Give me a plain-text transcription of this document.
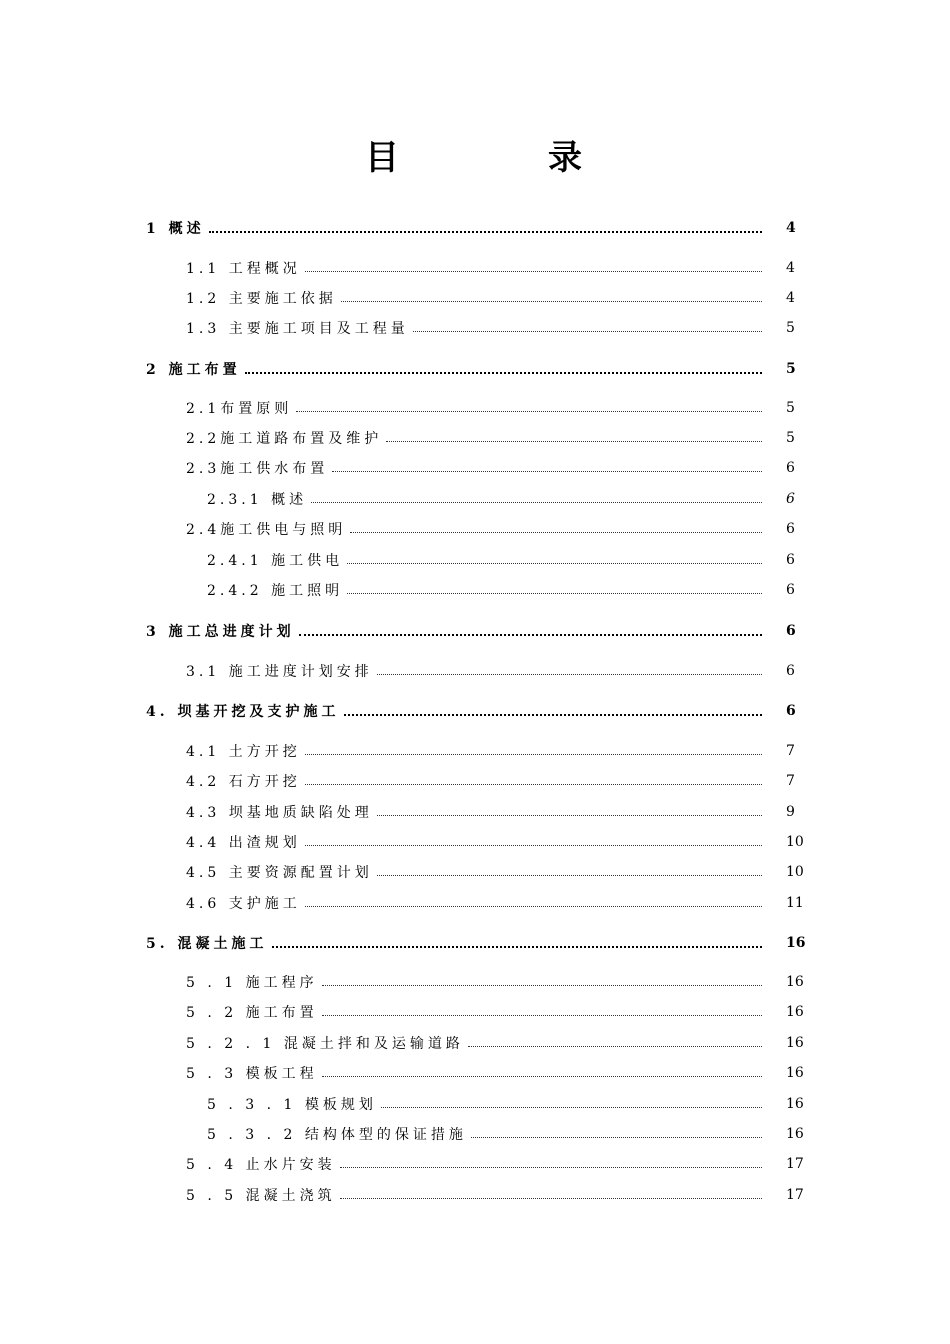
目	录
1 概述	4
1.1 工程概况	4
1.2 主要施工依据	4
1.3 主要施工项目及工程量	5
2 施工布置	5
2.1布置原则	5
2.2施工道路布置及维护	5
2.3施工供水布置	6
2.3.1 概述	6
2.4施工供电与照明	6
2.4.1 施工供电	6
2.4.2 施工照明	6
3 施工总进度计划	6
3.1 施工进度计划安排	6
4. 坝基开挖及支护施工	6
4.1 土方开挖	7
4.2 石方开挖	7
4.3 坝基地质缺陷处理	9
4.4 出渣规划	10
4.5 主要资源配置计划	10
4.6 支护施工	11
5. 混凝土施工	16
5 . 1 施工程序	16
5 . 2 施工布置	16
5 . 2 . 1 混凝土拌和及运输道路	16
5 . 3 模板工程	16
5 . 3 . 1 模板规划	16
5 . 3 . 2 结构体型的保证措施	16
5 . 4 止水片安装	17
5 . 5 混凝土浇筑	17
